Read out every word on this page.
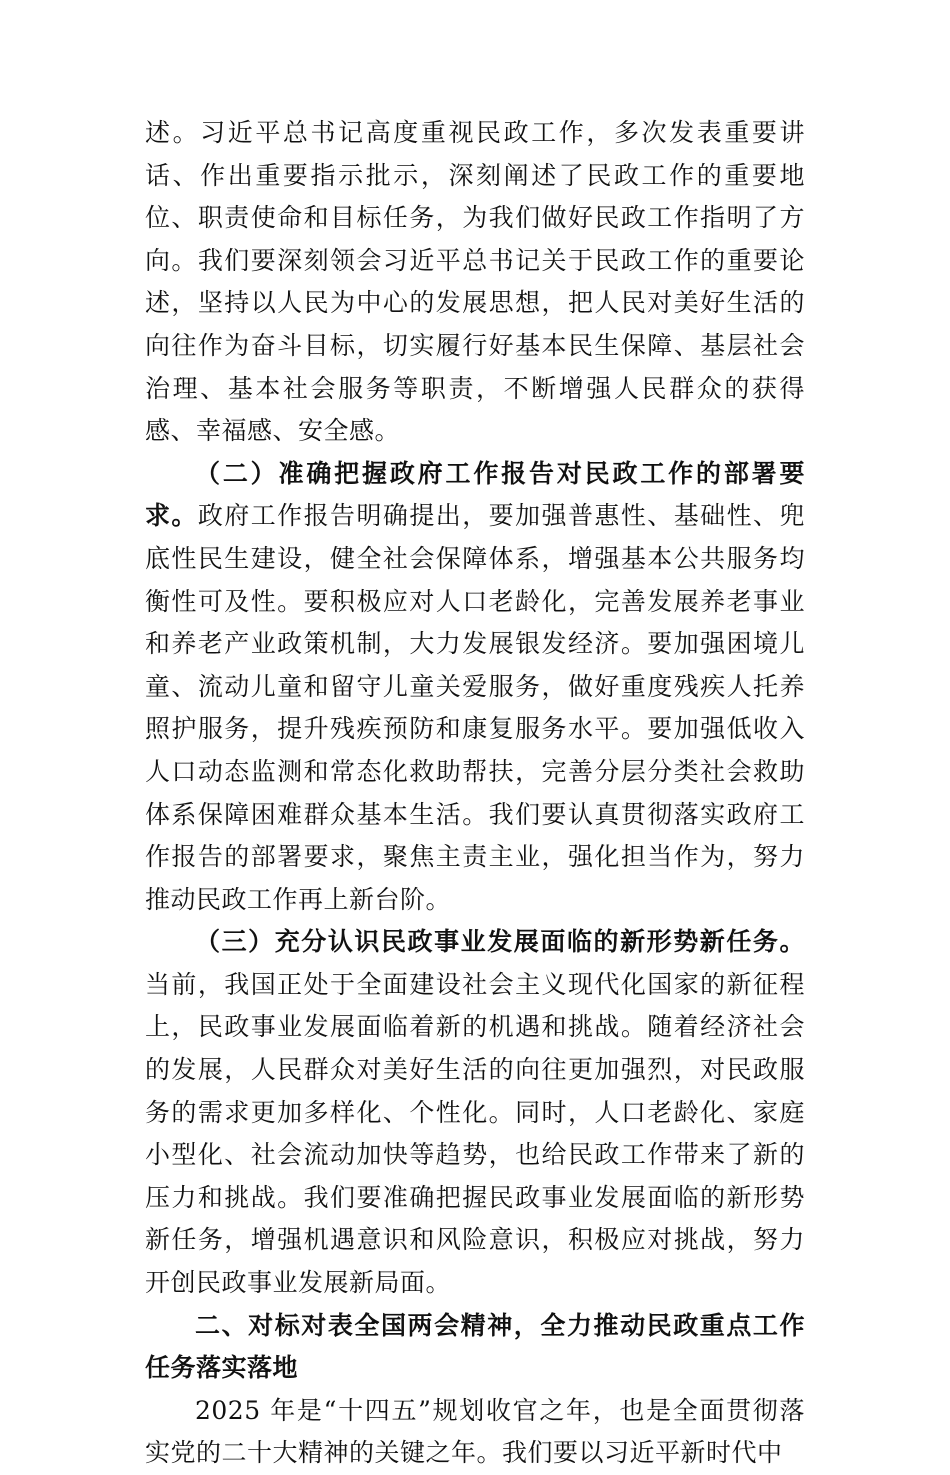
述。习近平总书记高度重视民政工作，多次发表重要讲话、作出重要指示批示，深刻阐述了民政工作的重要地位、职责使命和目标任务，为我们做好民政工作指明了方向。我们要深刻领会习近平总书记关于民政工作的重要论述，坚持以人民为中心的发展思想，把人民对美好生活的向往作为奋斗目标，切实履行好基本民生保障、基层社会治理、基本社会服务等职责，不断增强人民群众的获得感、幸福感、安全感。

（二）准确把握政府工作报告对民政工作的部署要求。政府工作报告明确提出，要加强普惠性、基础性、兜底性民生建设，健全社会保障体系，增强基本公共服务均衡性可及性。要积极应对人口老龄化，完善发展养老事业和养老产业政策机制，大力发展银发经济。要加强困境儿童、流动儿童和留守儿童关爱服务，做好重度残疾人托养照护服务，提升残疾预防和康复服务水平。要加强低收入人口动态监测和常态化救助帮扶，完善分层分类社会救助体系保障困难群众基本生活。我们要认真贯彻落实政府工作报告的部署要求，聚焦主责主业，强化担当作为，努力推动民政工作再上新台阶。

（三）充分认识民政事业发展面临的新形势新任务。当前，我国正处于全面建设社会主义现代化国家的新征程上，民政事业发展面临着新的机遇和挑战。随着经济社会的发展，人民群众对美好生活的向往更加强烈，对民政服务的需求更加多样化、个性化。同时，人口老龄化、家庭小型化、社会流动加快等趋势，也给民政工作带来了新的压力和挑战。我们要准确把握民政事业发展面临的新形势新任务，增强机遇意识和风险意识，积极应对挑战，努力开创民政事业发展新局面。

二、对标对表全国两会精神，全力推动民政重点工作任务落实落地

2025 年是“十四五”规划收官之年，也是全面贯彻落实党的二十大精神的关键之年。我们要以习近平新时代中
